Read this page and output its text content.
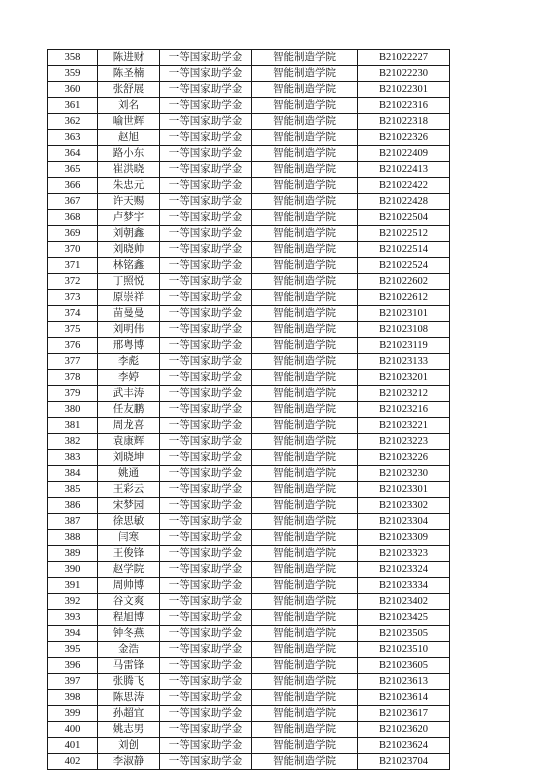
358	陈进财	一等国家助学金	智能制造学院	B21022227
359	陈圣楠	一等国家助学金	智能制造学院	B21022230
360	张舒展	一等国家助学金	智能制造学院	B21022301
361	刘名	一等国家助学金	智能制造学院	B21022316
362	喻世辉	一等国家助学金	智能制造学院	B21022318
363	赵旭	一等国家助学金	智能制造学院	B21022326
364	路小东	一等国家助学金	智能制造学院	B21022409
365	崔洪晓	一等国家助学金	智能制造学院	B21022413
366	朱忠元	一等国家助学金	智能制造学院	B21022422
367	许天赐	一等国家助学金	智能制造学院	B21022428
368	卢梦宇	一等国家助学金	智能制造学院	B21022504
369	刘朝鑫	一等国家助学金	智能制造学院	B21022512
370	刘晓帅	一等国家助学金	智能制造学院	B21022514
371	林铭鑫	一等国家助学金	智能制造学院	B21022524
372	丁照悦	一等国家助学金	智能制造学院	B21022602
373	原崇祥	一等国家助学金	智能制造学院	B21022612
374	苗曼曼	一等国家助学金	智能制造学院	B21023101
375	刘明伟	一等国家助学金	智能制造学院	B21023108
376	邢粤博	一等国家助学金	智能制造学院	B21023119
377	李彪	一等国家助学金	智能制造学院	B21023133
378	李婷	一等国家助学金	智能制造学院	B21023201
379	武丰涛	一等国家助学金	智能制造学院	B21023212
380	任友鹏	一等国家助学金	智能制造学院	B21023216
381	周龙喜	一等国家助学金	智能制造学院	B21023221
382	袁康辉	一等国家助学金	智能制造学院	B21023223
383	刘晓坤	一等国家助学金	智能制造学院	B21023226
384	姚通	一等国家助学金	智能制造学院	B21023230
385	王彩云	一等国家助学金	智能制造学院	B21023301
386	宋梦园	一等国家助学金	智能制造学院	B21023302
387	徐思敏	一等国家助学金	智能制造学院	B21023304
388	闫寒	一等国家助学金	智能制造学院	B21023309
389	王俊锋	一等国家助学金	智能制造学院	B21023323
390	赵学院	一等国家助学金	智能制造学院	B21023324
391	周帅博	一等国家助学金	智能制造学院	B21023334
392	谷文爽	一等国家助学金	智能制造学院	B21023402
393	程旭博	一等国家助学金	智能制造学院	B21023425
394	钟冬燕	一等国家助学金	智能制造学院	B21023505
395	金浩	一等国家助学金	智能制造学院	B21023510
396	马雷锋	一等国家助学金	智能制造学院	B21023605
397	张腾飞	一等国家助学金	智能制造学院	B21023613
398	陈思涛	一等国家助学金	智能制造学院	B21023614
399	孙超宜	一等国家助学金	智能制造学院	B21023617
400	姚志男	一等国家助学金	智能制造学院	B21023620
401	刘创	一等国家助学金	智能制造学院	B21023624
402	李淑静	一等国家助学金	智能制造学院	B21023704
